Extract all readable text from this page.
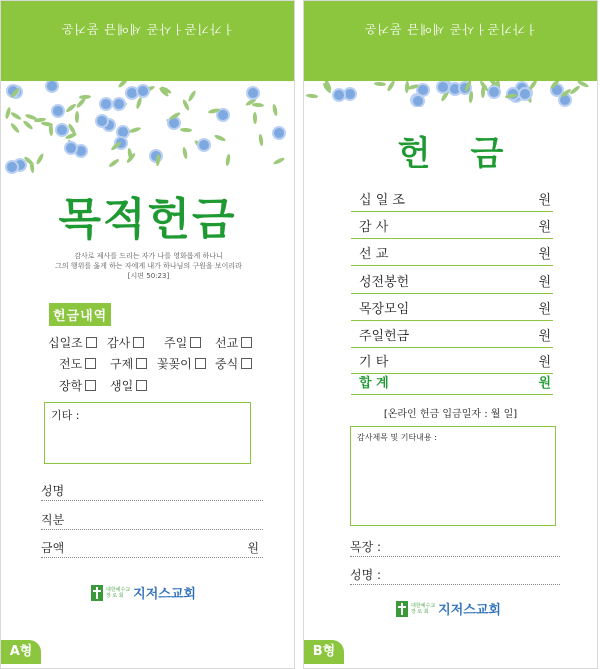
ㅓ가기곧ㅓ사곧 세에금 묻거운
목적헌금
감사로 제사를 드리는 자가 나를 영화롭게 하나니
그의 행위를 옳게 하는 자에게 내가 하나님의 구원을 보이리라
[시편 50:23]
헌금내역
십일조	감사	주일	선교
전도	구제	꽃꽂이	중식
장학	생일
기타 :
성명
직분
금액	원
대한예수교
장 로 회 지저스교회
A형
ㅓ가기곧ㅓ사곧 세에금 묻거운
헌금
십 일 조	원
감 사	원
선 교	원
성전봉헌	원
목장모임	원
주일헌금	원
기 타	원
합 계	원
[온라인 헌금 입금일자 : 월 일]
감사제목 및 기타내용 :
목장 :
성명 :
대한예수교
장 로 회 지저스교회
B형
